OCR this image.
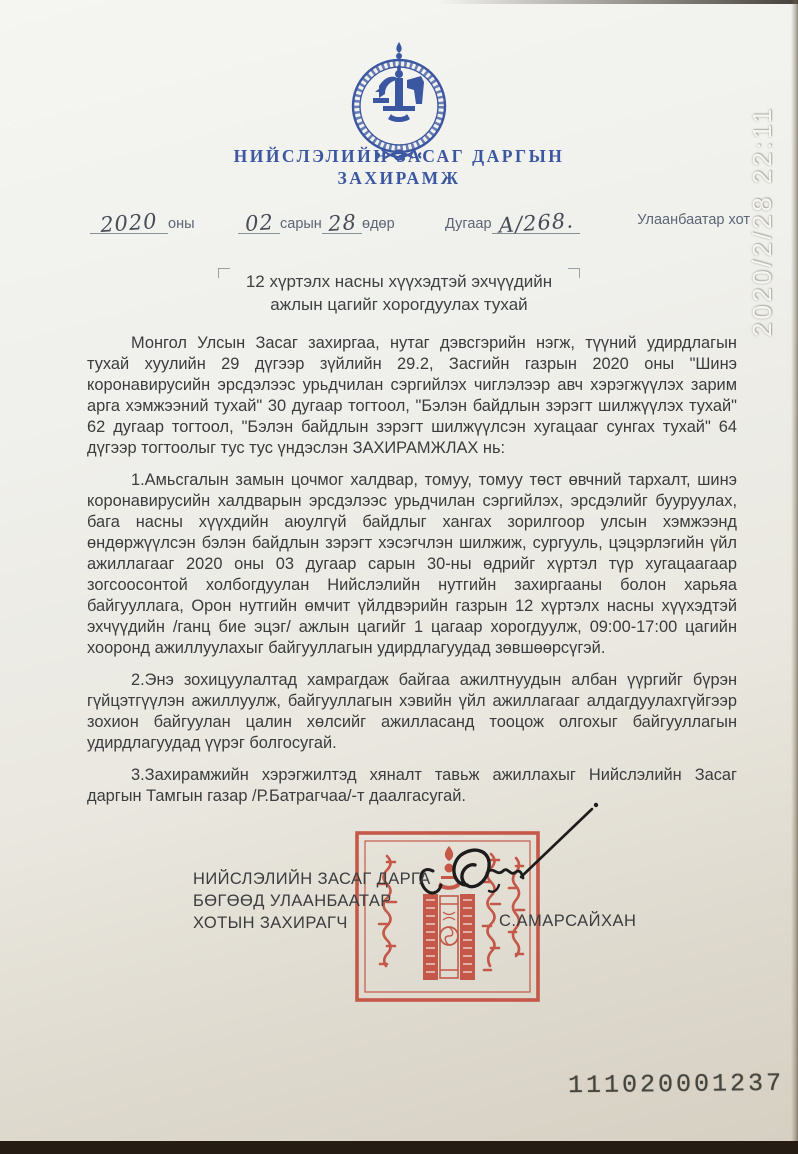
НИЙСЛЭЛИЙН ЗАСАГ ДАРГЫН
ЗАХИРАМЖ
2020 оны 02 сарын 28 өдөр	Дугаар А/268.	Улаанбаатар хот
12 хүртэлх насны хүүхэдтэй эхчүүдийн
ажлын цагийг хорогдуулах тухай

Монгол Улсын Засаг захиргаа, нутаг дэвсгэрийн нэгж, түүний удирдлагын тухай хуулийн 29 дүгээр зүйлийн 29.2, Засгийн газрын 2020 оны "Шинэ коронавирусийн эрсдэлээс урьдчилан сэргийлэх чиглэлээр авч хэрэгжүүлэх зарим арга хэмжээний тухай" 30 дугаар тогтоол, "Бэлэн байдлын зэрэгт шилжүүлэх тухай" 62 дугаар тогтоол, "Бэлэн байдлын зэрэгт шилжүүлсэн хугацааг сунгах тухай" 64 дүгээр тогтоолыг тус тус үндэслэн ЗАХИРАМЖЛАХ нь:

1.Амьсгалын замын цочмог халдвар, томуу, томуу төст өвчний тархалт, шинэ коронавирусийн халдварын эрсдэлээс урьдчилан сэргийлэх, эрсдэлийг бууруулах, бага насны хүүхдийн аюулгүй байдлыг хангах зорилгоор улсын хэмжээнд өндөржүүлсэн бэлэн байдлын зэрэгт хэсэгчлэн шилжиж, сургууль, цэцэрлэгийн үйл ажиллагааг 2020 оны 03 дугаар сарын 30-ны өдрийг хүртэл түр хугацаагаар зогсоосонтой холбогдуулан Нийслэлийн нутгийн захиргааны болон харьяа байгууллага, Орон нутгийн өмчит үйлдвэрийн газрын 12 хүртэлх насны хүүхэдтэй эхчүүдийн /ганц бие эцэг/ ажлын цагийг 1 цагаар хорогдуулж, 09:00-17:00 цагийн хооронд ажиллуулахыг байгууллагын удирдлагуудад зөвшөөрсүгэй.

2.Энэ зохицуулалтад хамрагдаж байгаа ажилтнуудын албан үүргийг бүрэн гүйцэтгүүлэн ажиллуулж, байгууллагын хэвийн үйл ажиллагааг алдагдуулахгүйгээр зохион байгуулан цалин хөлсийг ажилласанд тооцож олгохыг байгууллагын удирдлагуудад үүрэг болгосугай.

3.Захирамжийн хэрэгжилтэд хяналт тавьж ажиллахыг Нийслэлийн Засаг даргын Тамгын газар /Р.Батрагчаа/-т даалгасугай.

НИЙСЛЭЛИЙН ЗАСАГ ДАРГА
БӨГӨӨД УЛААНБААТАР
ХОТЫН ЗАХИРАГЧ	С.АМАРСАЙХАН
111020001237
2020/2/28 22:11
